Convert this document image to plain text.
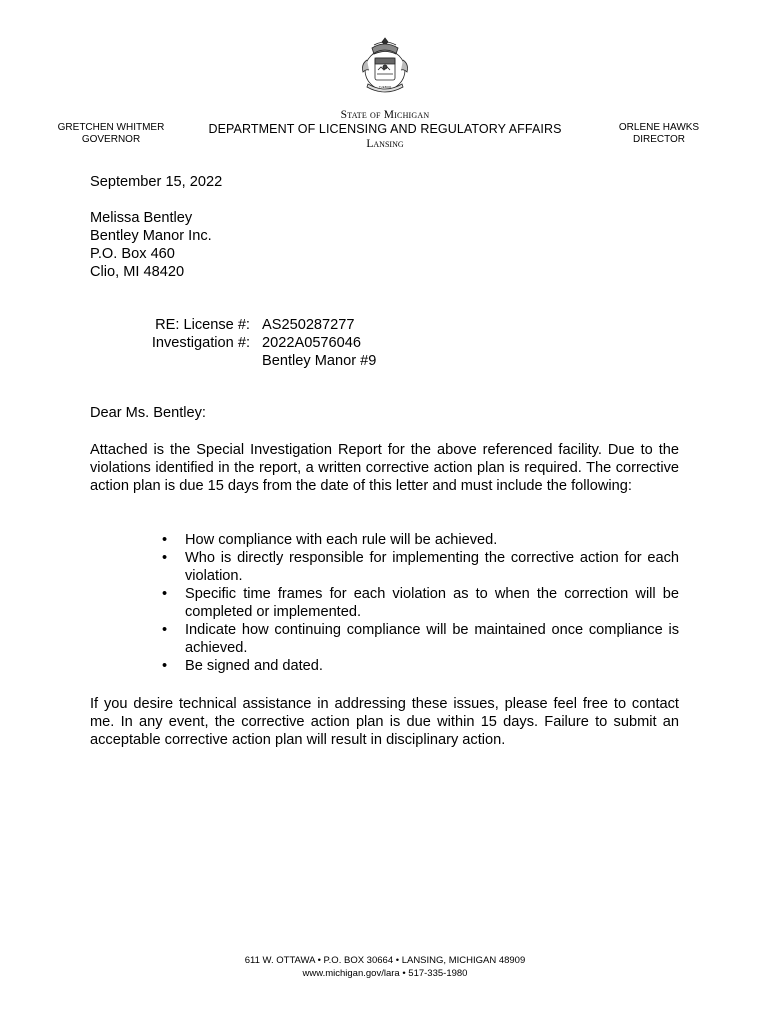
TUEBOR
GRETCHEN WHITMER
GOVERNOR
State of Michigan
DEPARTMENT OF LICENSING AND REGULATORY AFFAIRS
Lansing
ORLENE HAWKS
DIRECTOR
September 15, 2022
Melissa Bentley
Bentley Manor Inc.
P.O. Box 460
Clio, MI 48420
RE: License #: AS250287277
Investigation #: 2022A0576046
Bentley Manor #9
Dear Ms. Bentley:
Attached is the Special Investigation Report for the above referenced facility. Due to the violations identified in the report, a written corrective action plan is required. The corrective action plan is due 15 days from the date of this letter and must include the following:
• How compliance with each rule will be achieved.
• Who is directly responsible for implementing the corrective action for each violation.
• Specific time frames for each violation as to when the correction will be completed or implemented.
• Indicate how continuing compliance will be maintained once compliance is achieved.
• Be signed and dated.
If you desire technical assistance in addressing these issues, please feel free to contact me. In any event, the corrective action plan is due within 15 days. Failure to submit an acceptable corrective action plan will result in disciplinary action.
611 W. OTTAWA • P.O. BOX 30664 • LANSING, MICHIGAN 48909
www.michigan.gov/lara • 517-335-1980
